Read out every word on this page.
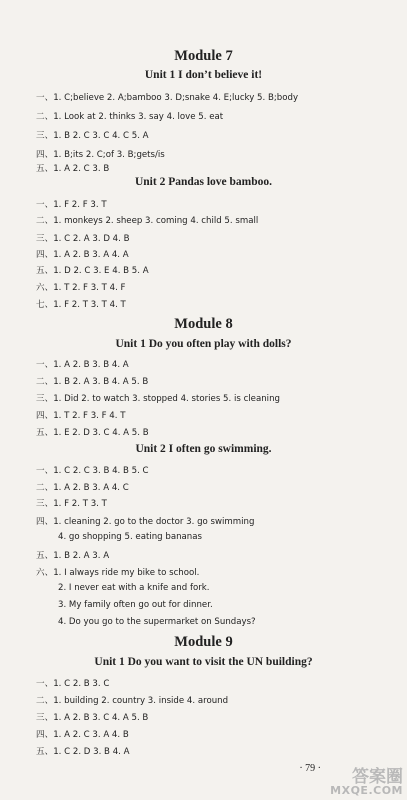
Module 7
Unit 1 I don’t believe it!
一、1. C;believe 2. A;bamboo 3. D;snake 4. E;lucky 5. B;body
二、1. Look at 2. thinks 3. say 4. love 5. eat
三、1. B 2. C 3. C 4. C 5. A
四、1. B;its 2. C;of 3. B;gets/is
五、1. A 2. C 3. B
Unit 2 Pandas love bamboo.
一、1. F 2. F 3. T
二、1. monkeys 2. sheep 3. coming 4. child 5. small
三、1. C 2. A 3. D 4. B
四、1. A 2. B 3. A 4. A
五、1. D 2. C 3. E 4. B 5. A
六、1. T 2. F 3. T 4. F
七、1. F 2. T 3. T 4. T
Module 8
Unit 1 Do you often play with dolls?
一、1. A 2. B 3. B 4. A
二、1. B 2. A 3. B 4. A 5. B
三、1. Did 2. to watch 3. stopped 4. stories 5. is cleaning
四、1. T 2. F 3. F 4. T
五、1. E 2. D 3. C 4. A 5. B
Unit 2 I often go swimming.
一、1. C 2. C 3. B 4. B 5. C
二、1. A 2. B 3. A 4. C
三、1. F 2. T 3. T
四、1. cleaning 2. go to the doctor 3. go swimming
4. go shopping 5. eating bananas
五、1. B 2. A 3. A
六、1. I always ride my bike to school.
2. I never eat with a knife and fork.
3. My family often go out for dinner.
4. Do you go to the supermarket on Sundays?
Module 9
Unit 1 Do you want to visit the UN building?
一、1. C 2. B 3. C
二、1. building 2. country 3. inside 4. around
三、1. A 2. B 3. C 4. A 5. B
四、1. A 2. C 3. A 4. B
五、1. C 2. D 3. B 4. A
· 79 · 答案圈
MXQE.COM
